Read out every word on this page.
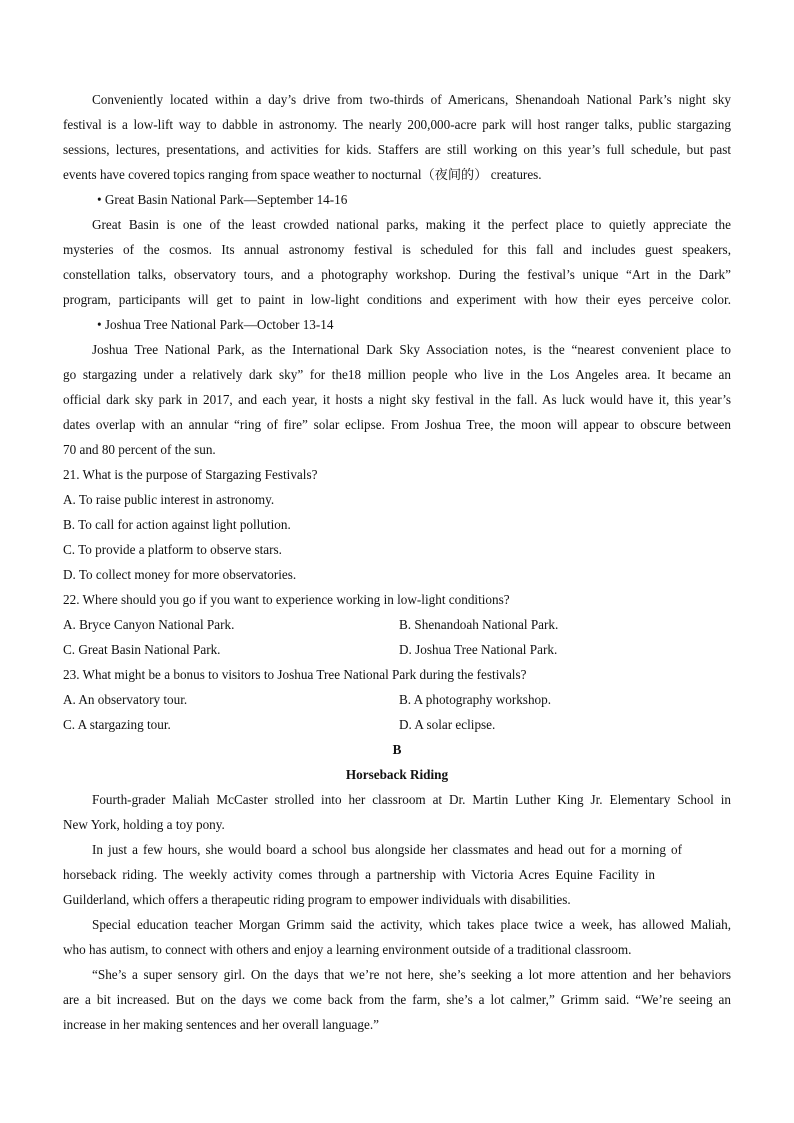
Conveniently located within a day’s drive from two-thirds of Americans, Shenandoah National Park’s night sky
festival is a low-lift way to dabble in astronomy. The nearly 200,000-acre park will host ranger talks, public stargazing
sessions, lectures, presentations, and activities for kids. Staffers are still working on this year’s full schedule, but past
events have covered topics ranging from space weather to nocturnal（夜间的） creatures.
• Great Basin National Park—September 14-16
Great Basin is one of the least crowded national parks, making it the perfect place to quietly appreciate the
mysteries of the cosmos. Its annual astronomy festival is scheduled for this fall and includes guest speakers,
constellation talks, observatory tours, and a photography workshop. During the festival’s unique “Art in the Dark”
program, participants will get to paint in low-light conditions and experiment with how their eyes perceive color.
• Joshua Tree National Park—October 13-14
Joshua Tree National Park, as the International Dark Sky Association notes, is the “nearest convenient place to
go stargazing under a relatively dark sky” for the18 million people who live in the Los Angeles area. It became an
official dark sky park in 2017, and each year, it hosts a night sky festival in the fall. As luck would have it, this year’s
dates overlap with an annular “ring of fire” solar eclipse. From Joshua Tree, the moon will appear to obscure between
70 and 80 percent of the sun.
21. What is the purpose of Stargazing Festivals?
A. To raise public interest in astronomy.
B. To call for action against light pollution.
C. To provide a platform to observe stars.
D. To collect money for more observatories.
22. Where should you go if you want to experience working in low-light conditions?
A. Bryce Canyon National Park.	B. Shenandoah National Park.
C. Great Basin National Park.	D. Joshua Tree National Park.
23. What might be a bonus to visitors to Joshua Tree National Park during the festivals?
A. An observatory tour.	B. A photography workshop.
C. A stargazing tour.	D. A solar eclipse.
B
Horseback Riding
Fourth-grader Maliah McCaster strolled into her classroom at Dr. Martin Luther King Jr. Elementary School in
New York, holding a toy pony.
In just a few hours, she would board a school bus alongside her classmates and head out for a morning of
horseback riding. The weekly activity comes through a partnership with Victoria Acres Equine Facility in
Guilderland, which offers a therapeutic riding program to empower individuals with disabilities.
Special education teacher Morgan Grimm said the activity, which takes place twice a week, has allowed Maliah,
who has autism, to connect with others and enjoy a learning environment outside of a traditional classroom.
“She’s a super sensory girl. On the days that we’re not here, she’s seeking a lot more attention and her behaviors
are a bit increased. But on the days we come back from the farm, she’s a lot calmer,” Grimm said. “We’re seeing an
increase in her making sentences and her overall language.”
